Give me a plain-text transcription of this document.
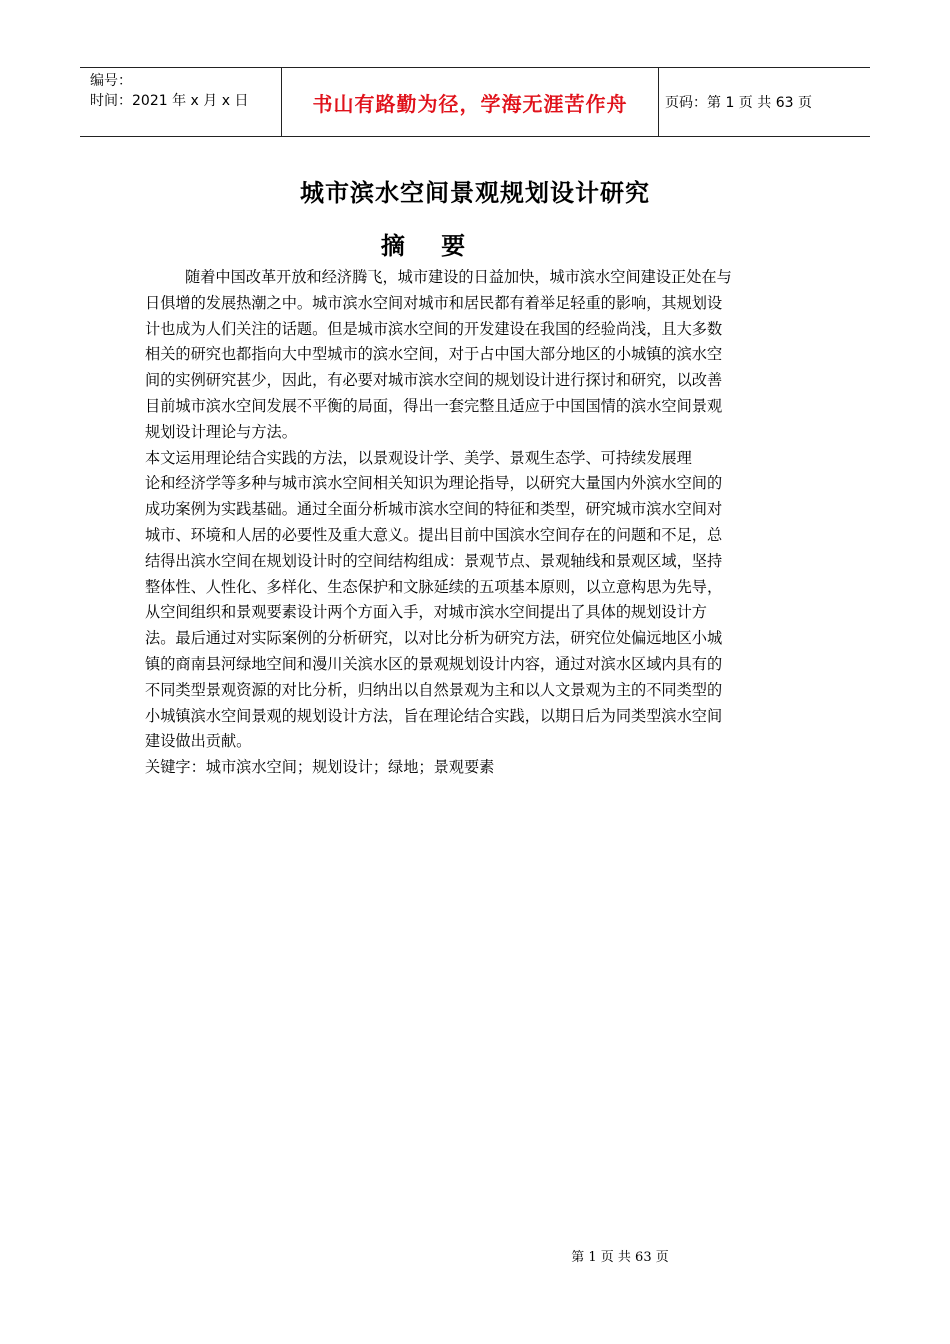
编号：
时间：2021 年 x 月 x 日	书山有路勤为径，学海无涯苦作舟	页码：第 1 页 共 63 页
城市滨水空间景观规划设计研究
摘 要
随着中国改革开放和经济腾飞，城市建设的日益加快，城市滨水空间建设正处在与
日俱增的发展热潮之中。城市滨水空间对城市和居民都有着举足轻重的影响，其规划设
计也成为人们关注的话题。但是城市滨水空间的开发建设在我国的经验尚浅，且大多数
相关的研究也都指向大中型城市的滨水空间，对于占中国大部分地区的小城镇的滨水空
间的实例研究甚少，因此，有必要对城市滨水空间的规划设计进行探讨和研究，以改善
目前城市滨水空间发展不平衡的局面，得出一套完整且适应于中国国情的滨水空间景观
规划设计理论与方法。
本文运用理论结合实践的方法，以景观设计学、美学、景观生态学、可持续发展理
论和经济学等多种与城市滨水空间相关知识为理论指导，以研究大量国内外滨水空间的
成功案例为实践基础。通过全面分析城市滨水空间的特征和类型，研究城市滨水空间对
城市、环境和人居的必要性及重大意义。提出目前中国滨水空间存在的问题和不足，总
结得出滨水空间在规划设计时的空间结构组成：景观节点、景观轴线和景观区域，坚持
整体性、人性化、多样化、生态保护和文脉延续的五项基本原则，以立意构思为先导，
从空间组织和景观要素设计两个方面入手，对城市滨水空间提出了具体的规划设计方
法。最后通过对实际案例的分析研究，以对比分析为研究方法，研究位处偏远地区小城
镇的商南县河绿地空间和漫川关滨水区的景观规划设计内容，通过对滨水区域内具有的
不同类型景观资源的对比分析，归纳出以自然景观为主和以人文景观为主的不同类型的
小城镇滨水空间景观的规划设计方法，旨在理论结合实践，以期日后为同类型滨水空间
建设做出贡献。
关键字：城市滨水空间；规划设计；绿地；景观要素
第 1 页 共 63 页
